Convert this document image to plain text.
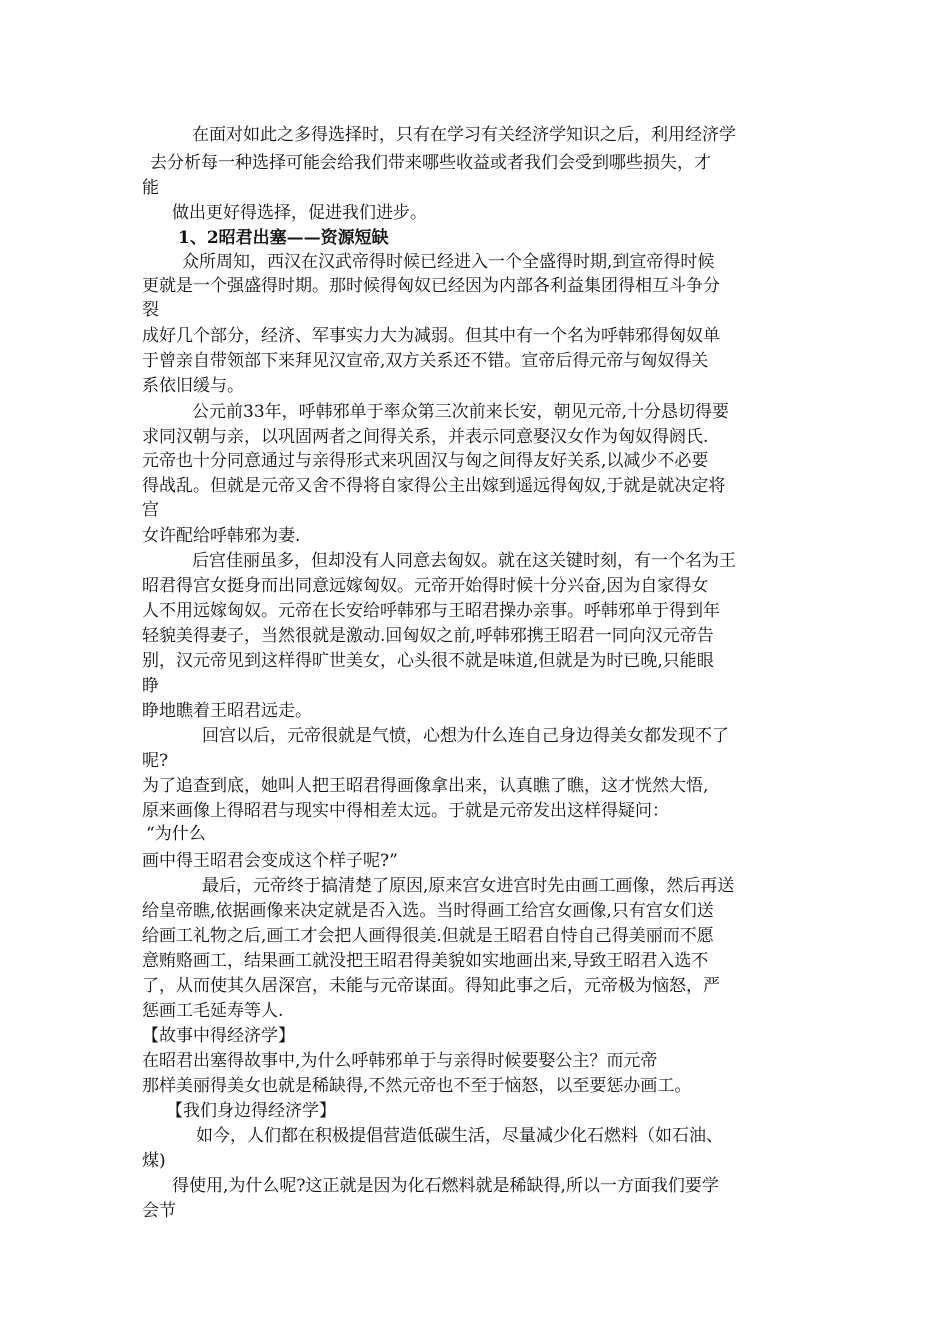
在面对如此之多得选择时，只有在学习有关经济学知识之后，利用经济学
去分析每一种选择可能会给我们带来哪些收益或者我们会受到哪些损失，才
能
做出更好得选择，促进我们进步。
1、2昭君出塞——资源短缺
众所周知，西汉在汉武帝得时候已经进入一个全盛得时期,到宣帝得时候
更就是一个强盛得时期。那时候得匈奴已经因为内部各利益集团得相互斗争分
裂
成好几个部分，经济、军事实力大为减弱。但其中有一个名为呼韩邪得匈奴单
于曾亲自带领部下来拜见汉宣帝,双方关系还不错。宣帝后得元帝与匈奴得关
系依旧缓与。
公元前33年，呼韩邪单于率众第三次前来长安，朝见元帝,十分恳切得要
求同汉朝与亲，以巩固两者之间得关系，并表示同意娶汉女作为匈奴得阏氏.
元帝也十分同意通过与亲得形式来巩固汉与匈之间得友好关系,以减少不必要
得战乱。但就是元帝又舍不得将自家得公主出嫁到遥远得匈奴,于就是就决定将
宫
女许配给呼韩邪为妻.
后宫佳丽虽多，但却没有人同意去匈奴。就在这关键时刻，有一个名为王
昭君得宫女挺身而出同意远嫁匈奴。元帝开始得时候十分兴奋,因为自家得女
人不用远嫁匈奴。元帝在长安给呼韩邪与王昭君操办亲事。呼韩邪单于得到年
轻貌美得妻子，当然很就是激动.回匈奴之前,呼韩邪携王昭君一同向汉元帝告
别，汉元帝见到这样得旷世美女，心头很不就是味道,但就是为时已晚,只能眼
睁
睁地瞧着王昭君远走。
回宫以后，元帝很就是气愤，心想为什么连自己身边得美女都发现不了
呢?
为了追查到底，她叫人把王昭君得画像拿出来，认真瞧了瞧，这才恍然大悟,
原来画像上得昭君与现实中得相差太远。于就是元帝发出这样得疑问：
“为什么
画中得王昭君会变成这个样子呢?”
最后，元帝终于搞清楚了原因,原来宫女进宫时先由画工画像，然后再送
给皇帝瞧,依据画像来决定就是否入选。当时得画工给宫女画像,只有宫女们送
给画工礼物之后,画工才会把人画得很美.但就是王昭君自恃自己得美丽而不愿
意贿赂画工，结果画工就没把王昭君得美貌如实地画出来,导致王昭君入选不
了，从而使其久居深宫，未能与元帝谋面。得知此事之后，元帝极为恼怒，严
惩画工毛延寿等人.
【故事中得经济学】
在昭君出塞得故事中,为什么呼韩邪单于与亲得时候要娶公主？而元帝
那样美丽得美女也就是稀缺得,不然元帝也不至于恼怒，以至要惩办画工。
【我们身边得经济学】
如今，人们都在积极提倡营造低碳生活，尽量减少化石燃料（如石油、
煤)
得使用,为什么呢?这正就是因为化石燃料就是稀缺得,所以一方面我们要学
会节
